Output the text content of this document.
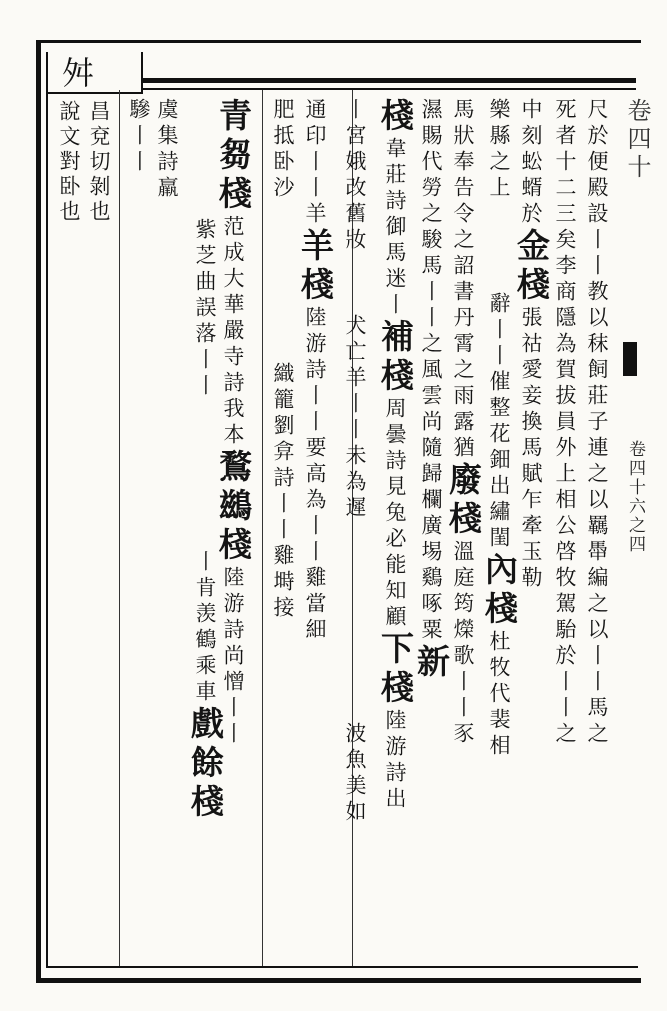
卷四十
卷四十六之四
舛
昌兗切剝也
說文對卧也	尺於便殿設丨丨教以秣飼莊子連之以羈馽編之以丨丨馬之
死者十二三矣李商隱為賀拔員外上相公啓牧駕駘於丨丨之
中刻蚣蝑於金棧張祜愛妾換馬賦乍牽玉勒
樂縣之上辭丨丨催整花鈿出繡閨內棧杜牧代裴相
馬狀奉告令之詔書丹霄之雨露猶廢棧溫庭筠爃歌丨丨豕
濕賜代勞之駿馬丨丨之風雲尚隨歸欄廣埸鷄啄粟新
棧韋莊詩御馬迷丨補棧周曇詩見兔必能知顧下棧陸游詩出
丨宮娥改舊妝犬亡羊丨丨未為遲波魚美如
通印丨丨羊羊棧陸游詩丨丨要高為丨丨雞當細
肥抵卧沙織籠劉弇詩丨丨雞塒接
青芻棧范成大華嚴寺詩我本鶩鷀棧陸游詩尚憎丨丨
紫芝曲誤落丨丨丨肯羡鶴乘車戲餘棧
虞集詩羸
驂丨丨
